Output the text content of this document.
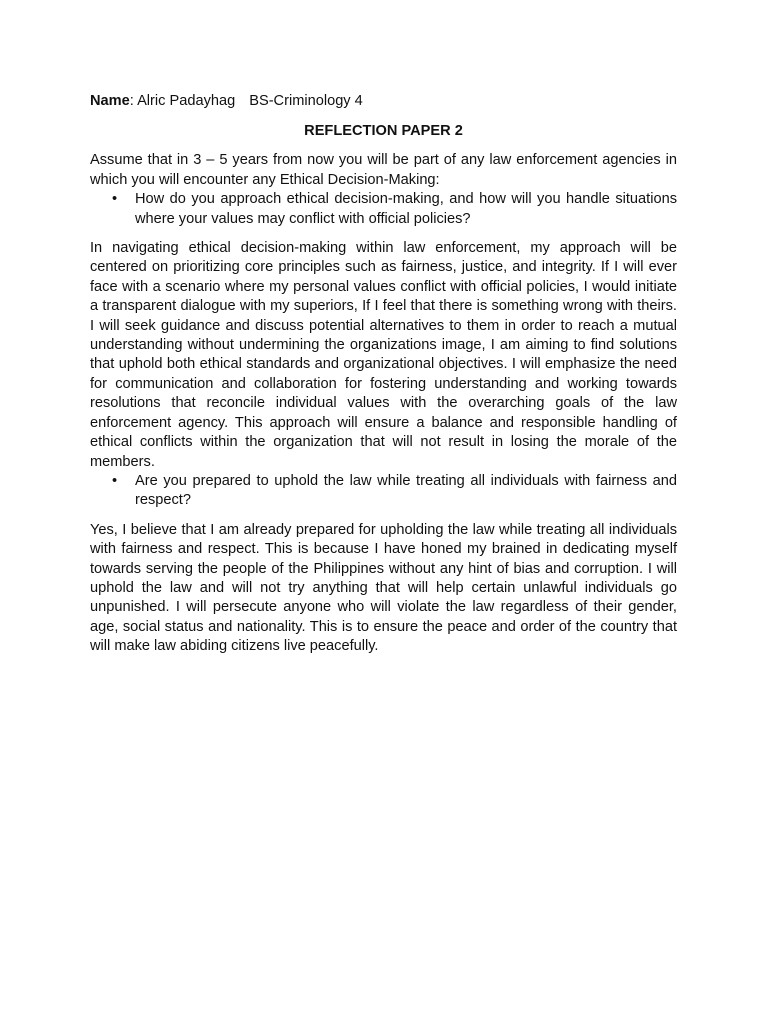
Name: Alric Padayhag BS-Criminology 4

REFLECTION PAPER 2

Assume that in 3 – 5 years from now you will be part of any law enforcement agencies in which you will encounter any Ethical Decision-Making:

• How do you approach ethical decision-making, and how will you handle situations where your values may conflict with official policies?

In navigating ethical decision-making within law enforcement, my approach will be centered on prioritizing core principles such as fairness, justice, and integrity. If I will ever face with a scenario where my personal values conflict with official policies, I would initiate a transparent dialogue with my superiors, If I feel that there is something wrong with theirs. I will seek guidance and discuss potential alternatives to them in order to reach a mutual understanding without undermining the organizations image, I am aiming to find solutions that uphold both ethical standards and organizational objectives. I will emphasize the need for communication and collaboration for fostering understanding and working towards resolutions that reconcile individual values with the overarching goals of the law enforcement agency. This approach will ensure a balance and responsible handling of ethical conflicts within the organization that will not result in losing the morale of the members.

• Are you prepared to uphold the law while treating all individuals with fairness and respect?

Yes, I believe that I am already prepared for upholding the law while treating all individuals with fairness and respect. This is because I have honed my brained in dedicating myself towards serving the people of the Philippines without any hint of bias and corruption. I will uphold the law and will not try anything that will help certain unlawful individuals go unpunished. I will persecute anyone who will violate the law regardless of their gender, age, social status and nationality. This is to ensure the peace and order of the country that will make law abiding citizens live peacefully.
